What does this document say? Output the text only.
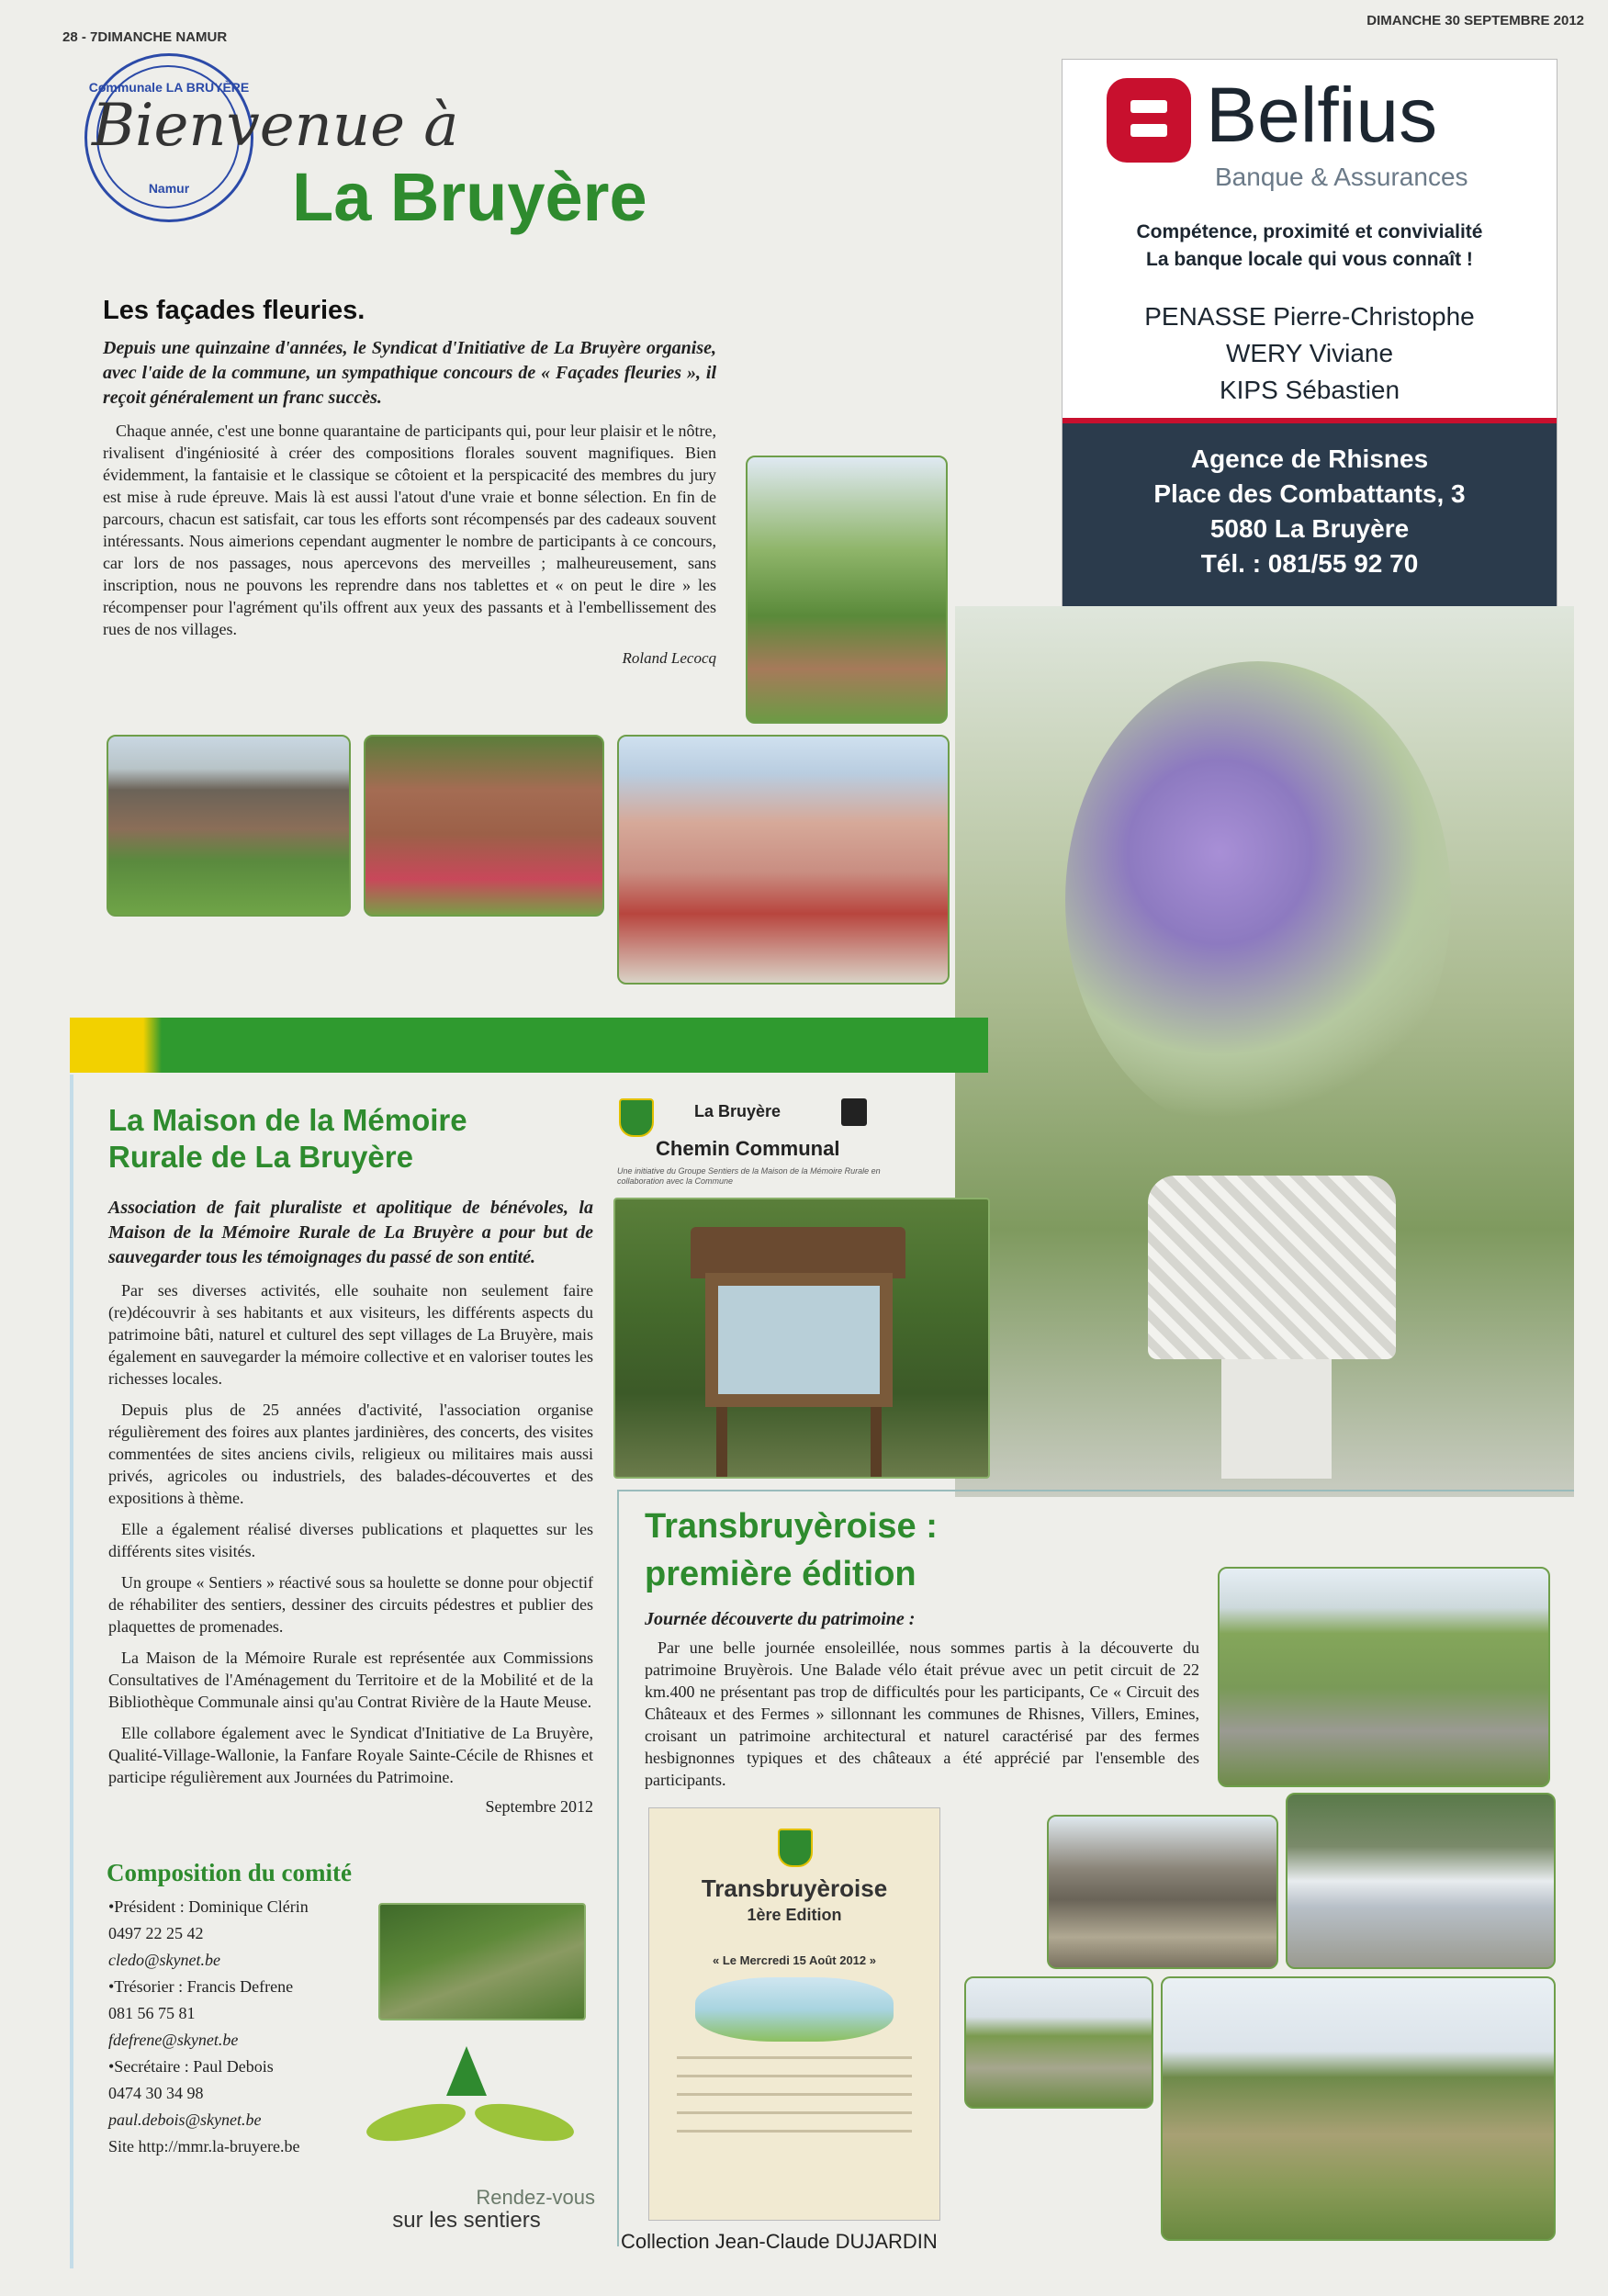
28 - 7DIMANCHE NAMUR
DIMANCHE 30 SEPTEMBRE 2012
Communale LA BRUYÈRE
Namur
Bienvenue à
La Bruyère
Les façades fleuries.
Depuis une quinzaine d'années, le Syndicat d'Initiative de La Bruyère organise, avec l'aide de la commune, un sympathique concours de « Façades fleuries », il reçoit généralement un franc succès.

Chaque année, c'est une bonne quarantaine de participants qui, pour leur plaisir et le nôtre, rivalisent d'ingéniosité à créer des compositions florales souvent magnifiques. Bien évidemment, la fantaisie et le classique se côtoient et la perspicacité des membres du jury est mise à rude épreuve. Mais là est aussi l'atout d'une vraie et bonne sélection. En fin de parcours, chacun est satisfait, car tous les efforts sont récompensés par des cadeaux souvent intéressants. Nous aimerions cependant augmenter le nombre de participants à ce concours, car lors de nos passages, nous apercevons des merveilles ; malheureusement, sans inscription, nous ne pouvons les reprendre dans nos tablettes et « on peut le dire » les récompenser pour l'agrément qu'ils offrent aux yeux des passants et à l'embellissement des rues de nos villages.

Roland Lecocq
Belfius
Banque & Assurances
Compétence, proximité et convivialité
La banque locale qui vous connaît !
PENASSE Pierre-Christophe
WERY Viviane
KIPS Sébastien
Agence de Rhisnes
Place des Combattants, 3
5080 La Bruyère
Tél. : 081/55 92 70
La Maison de la Mémoire
Rurale de La Bruyère
Association de fait pluraliste et apolitique de bénévoles, la Maison de la Mémoire Rurale de La Bruyère a pour but de sauvegarder tous les témoignages du passé de son entité.

Par ses diverses activités, elle souhaite non seulement faire (re)découvrir à ses habitants et aux visiteurs, les différents aspects du patrimoine bâti, naturel et culturel des sept villages de La Bruyère, mais également en sauvegarder la mémoire collective et en valoriser toutes les richesses locales.

Depuis plus de 25 années d'activité, l'association organise régulièrement des foires aux plantes jardinières, des concerts, des visites commentées de sites anciens civils, religieux ou militaires mais aussi privés, agricoles ou industriels, des balades-découvertes et des expositions à thème.

Elle a également réalisé diverses publications et plaquettes sur les différents sites visités.

Un groupe « Sentiers » réactivé sous sa houlette se donne pour objectif de réhabiliter des sentiers, dessiner des circuits pédestres et publier des plaquettes de promenades.

La Maison de la Mémoire Rurale est représentée aux Commissions Consultatives de l'Aménagement du Territoire et de la Mobilité et de la Bibliothèque Communale ainsi qu'au Contrat Rivière de la Haute Meuse.

Elle collabore également avec le Syndicat d'Initiative de La Bruyère, Qualité-Village-Wallonie, la Fanfare Royale Sainte-Cécile de Rhisnes et participe régulièrement aux Journées du Patrimoine.

Septembre 2012
Composition du comité
•Président : Dominique Clérin
0497 22 25 42
cledo@skynet.be
•Trésorier : Francis Defrene
081 56 75 81
fdefrene@skynet.be
•Secrétaire : Paul Debois
0474 30 34 98
paul.debois@skynet.be
Site http://mmr.la-bruyere.be
Rendez-vous
sur les sentiers
La Bruyère
Chemin Communal
Une initiative du Groupe Sentiers de la Maison de la Mémoire Rurale en collaboration avec la Commune
Transbruyèroise :
première édition
Journée découverte du patrimoine :

Par une belle journée ensoleillée, nous sommes partis à la découverte du patrimoine Bruyèrois. Une Balade vélo était prévue avec un petit circuit de 22 km.400 ne présentant pas trop de difficultés pour les participants, Ce « Circuit des Châteaux et des Fermes » sillonnant les communes de Rhisnes, Villers, Emines, croisant un patrimoine architectural et naturel caractérisé par des fermes hesbignonnes typiques et des châteaux a été apprécié par l'ensemble des participants.

Transbruyèroise
1ère Edition
« Le Mercredi 15 Août 2012 »
Collection Jean-Claude DUJARDIN
